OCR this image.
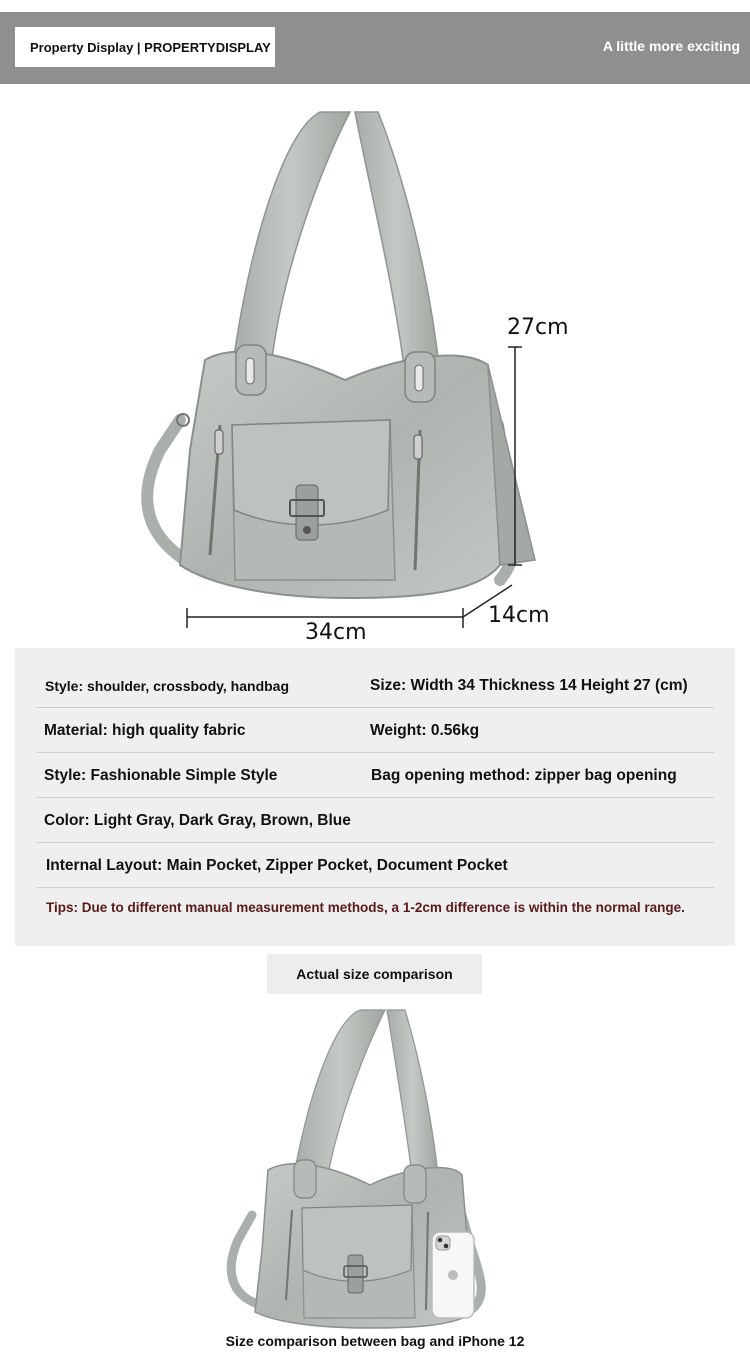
Property Display | PROPERTYDISPLAY	A little more exciting
27cm
34cm
14cm
Style: shoulder, crossbody, handbag	Size: Width 34 Thickness 14 Height 27 (cm)
Material: high quality fabric	Weight: 0.56kg
Style: Fashionable Simple Style	Bag opening method: zipper bag opening
Color: Light Gray, Dark Gray, Brown, Blue
Internal Layout: Main Pocket, Zipper Pocket, Document Pocket
Tips: Due to different manual measurement methods, a 1-2cm difference is within the normal range.
Actual size comparison
Size comparison between bag and iPhone 12
